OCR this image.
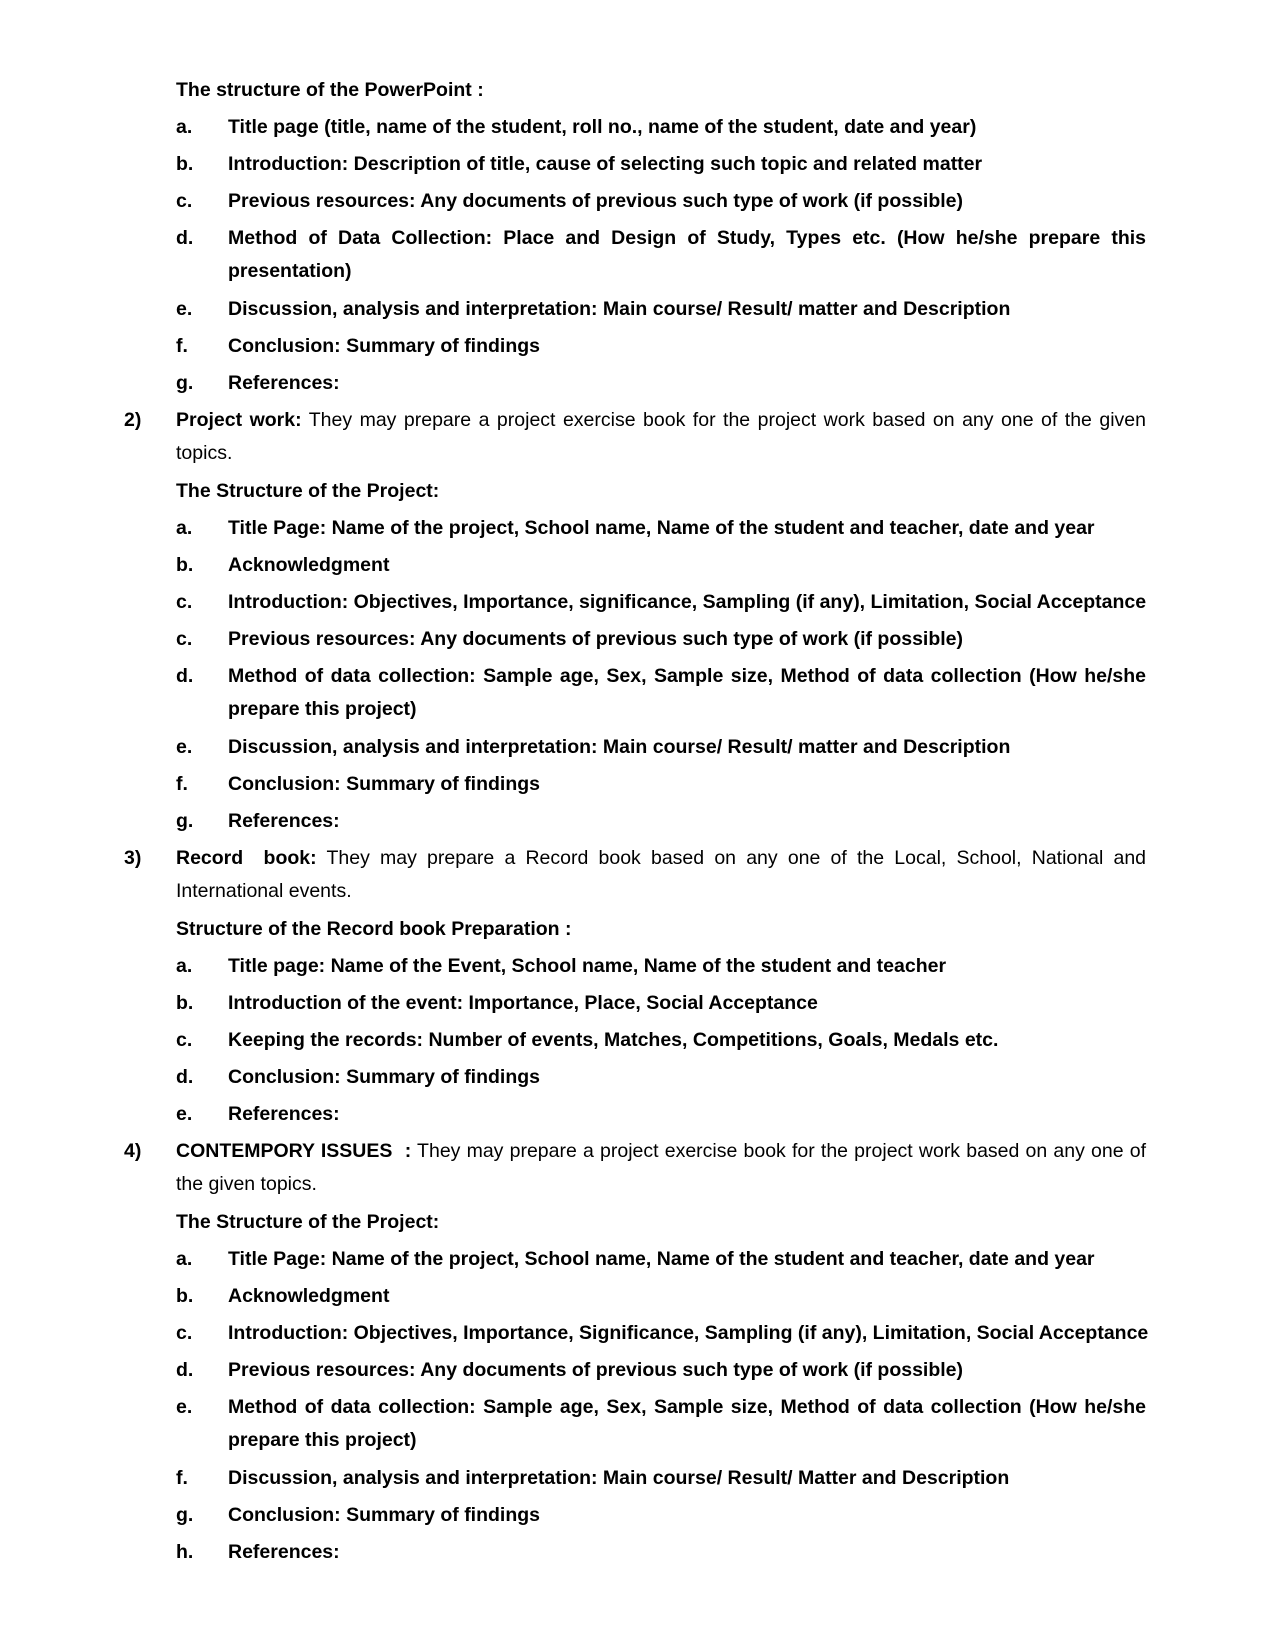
The structure of the PowerPoint :
a. Title page (title, name of the student, roll no., name of the student, date and year)
b. Introduction: Description of title, cause of selecting such topic and related matter
c. Previous resources: Any documents of previous such type of work (if possible)
d. Method of Data Collection: Place and Design of Study, Types etc. (How he/she prepare this
presentation)
e. Discussion, analysis and interpretation: Main course/ Result/ matter and Description
f. Conclusion: Summary of findings
g. References:
2) Project work: They may prepare a project exercise book for the project work based on any one of the given
topics.
The Structure of the Project:
a. Title Page: Name of the project, School name, Name of the student and teacher, date and year
b. Acknowledgment
c. Introduction: Objectives, Importance, significance, Sampling (if any), Limitation, Social Acceptance
c. Previous resources: Any documents of previous such type of work (if possible)
d. Method of data collection: Sample age, Sex, Sample size, Method of data collection (How he/she
prepare this project)
e. Discussion, analysis and interpretation: Main course/ Result/ matter and Description
f. Conclusion: Summary of findings
g. References:
3) Record  book: They may prepare a Record book based on any one of the Local, School, National and
International events.
Structure of the Record book Preparation :
a. Title page: Name of the Event, School name, Name of the student and teacher
b. Introduction of the event: Importance, Place, Social Acceptance
c. Keeping the records: Number of events, Matches, Competitions, Goals, Medals etc.
d. Conclusion: Summary of findings
e. References:
4) CONTEMPORY ISSUES  : They may prepare a project exercise book for the project work based on any one of
the given topics.
The Structure of the Project:
a. Title Page: Name of the project, School name, Name of the student and teacher, date and year
b. Acknowledgment
c. Introduction: Objectives, Importance, Significance, Sampling (if any), Limitation, Social Acceptance
d. Previous resources: Any documents of previous such type of work (if possible)
e. Method of data collection: Sample age, Sex, Sample size, Method of data collection (How he/she
prepare this project)
f. Discussion, analysis and interpretation: Main course/ Result/ Matter and Description
g. Conclusion: Summary of findings
h. References:
